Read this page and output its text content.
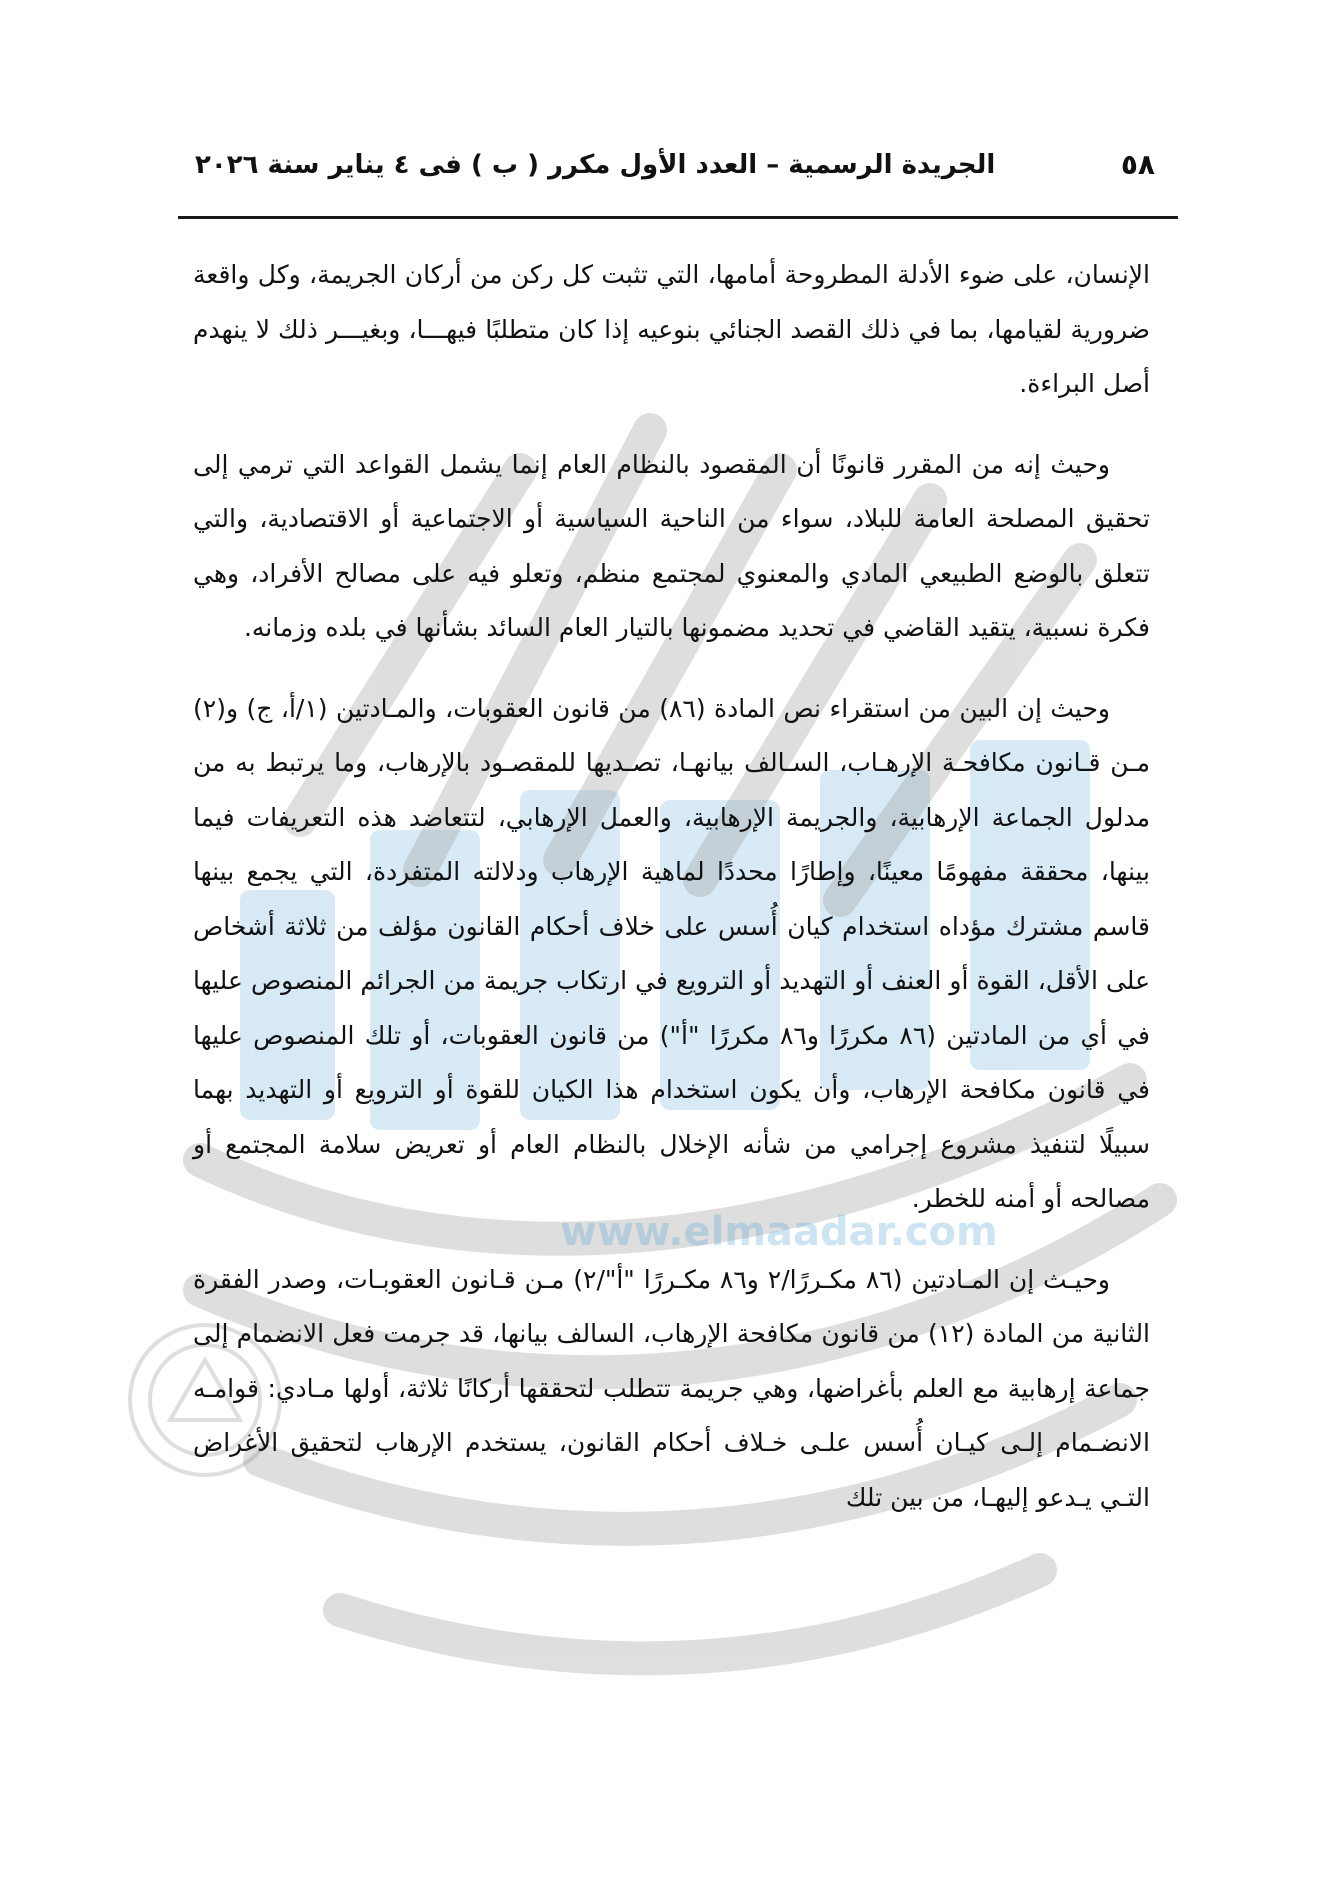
www.elmaadar.com
٥٨
الجريدة الرسمية – العدد الأول مكرر ( ب ) فى ٤ يناير سنة ٢٠٢٦

الإنسان، على ضوء الأدلة المطروحة أمامها، التي تثبت كل ركن من أركان الجريمة، وكل واقعة ضرورية لقيامها، بما في ذلك القصد الجنائي بنوعيه إذا كان متطلبًا فيهـــا، وبغيـــر ذلك لا ينهدم أصل البراءة.

وحيث إنه من المقرر قانونًا أن المقصود بالنظام العام إنما يشمل القواعد التي ترمي إلى تحقيق المصلحة العامة للبلاد، سواء من الناحية السياسية أو الاجتماعية أو الاقتصادية، والتي تتعلق بالوضع الطبيعي المادي والمعنوي لمجتمع منظم، وتعلو فيه على مصالح الأفراد، وهي فكرة نسبية، يتقيد القاضي في تحديد مضمونها بالتيار العام السائد بشأنها في بلده وزمانه.

وحيث إن البين من استقراء نص المادة (٨٦) من قانون العقوبات، والمـادتين (١/أ، ج) و(٢) مـن قـانون مكافحـة الإرهـاب، السـالف بيانهـا، تصـديها للمقصـود بالإرهاب، وما يرتبط به من مدلول الجماعة الإرهابية، والجريمة الإرهابية، والعمل الإرهابي، لتتعاضد هذه التعريفات فيما بينها، محققة مفهومًا معينًا، وإطارًا محددًا لماهية الإرهاب ودلالته المتفردة، التي يجمع بينها قاسم مشترك مؤداه استخدام كيان أُسس على خلاف أحكام القانون مؤلف من ثلاثة أشخاص على الأقل، القوة أو العنف أو التهديد أو الترويع في ارتكاب جريمة من الجرائم المنصوص عليها في أي من المادتين (٨٦ مكررًا و٨٦ مكررًا "أ") من قانون العقوبات، أو تلك المنصوص عليها في قانون مكافحة الإرهاب، وأن يكون استخدام هذا الكيان للقوة أو الترويع أو التهديد بهما سبيلًا لتنفيذ مشروع إجرامي من شأنه الإخلال بالنظام العام أو تعريض سلامة المجتمع أو مصالحه أو أمنه للخطر.

وحيـث إن المـادتين (٨٦ مكـررًا/٢ و٨٦ مكـررًا "أ"/٢) مـن قـانون العقوبـات، وصدر الفقرة الثانية من المادة (١٢) من قانون مكافحة الإرهاب، السالف بيانها، قد جرمت فعل الانضمام إلى جماعة إرهابية مع العلم بأغراضها، وهي جريمة تتطلب لتحققها أركانًا ثلاثة، أولها مـادي: قوامـه الانضـمام إلـى كيـان أُسس علـى خـلاف أحكام القانون، يستخدم الإرهاب لتحقيق الأغراض التـي يـدعو إليهـا، من بين تلك
